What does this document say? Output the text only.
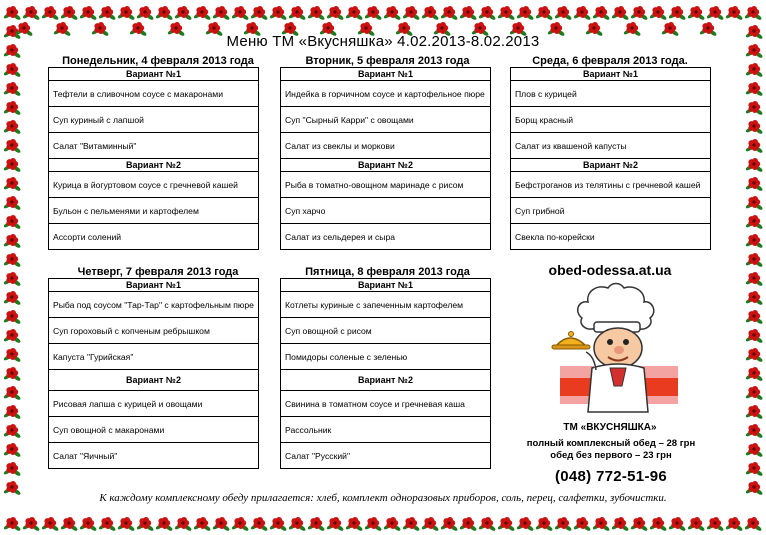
Меню ТМ «Вкусняшка» 4.02.2013-8.02.2013
Понедельник, 4 февраля 2013 года
Вариант №1
Тефтели в сливочном соусе с макаронами
Суп куриный с лапшой
Салат "Витаминный"
Вариант №2
Курица в йогуртовом соусе с гречневой кашей
Бульон с пельменями и картофелем
Ассорти солений
Вторник, 5 февраля 2013 года
Вариант №1
Индейка в горчичном соусе и картофельное пюре
Суп "Сырный Карри" с овощами
Салат из свеклы и моркови
Вариант №2
Рыба в томатно-овощном маринаде с рисом
Суп харчо
Салат из сельдерея и сыра
Среда, 6 февраля 2013 года.
Вариант №1
Плов с курицей
Борщ красный
Салат из квашеной капусты
Вариант №2
Бефстроганов из телятины с гречневой кашей
Суп грибной
Свекла по-корейски
Четверг, 7 февраля 2013 года
Вариант №1
Рыба под соусом "Тар-Тар" с картофельным пюре
Суп гороховый с копченым ребрышком
Капуста "Гурийская"
Вариант №2
Рисовая лапша с курицей и овощами
Суп овощной с макаронами
Салат "Яичный"
Пятница, 8 февраля 2013 года
Вариант №1
Котлеты куриные с запеченным картофелем
Суп овощной с рисом
Помидоры соленые с зеленью
Вариант №2
Свинина в томатном соусе и гречневая каша
Рассольник
Салат "Русский"
obed-odessa.at.ua
ТМ «ВКУСНЯШКА»
полный комплексный обед – 28 грн
обед без первого – 23 грн
(048) 772-51-96
К каждому комплексному обеду прилагается: хлеб, комплект одноразовых приборов, соль, перец, салфетки, зубочистки.
